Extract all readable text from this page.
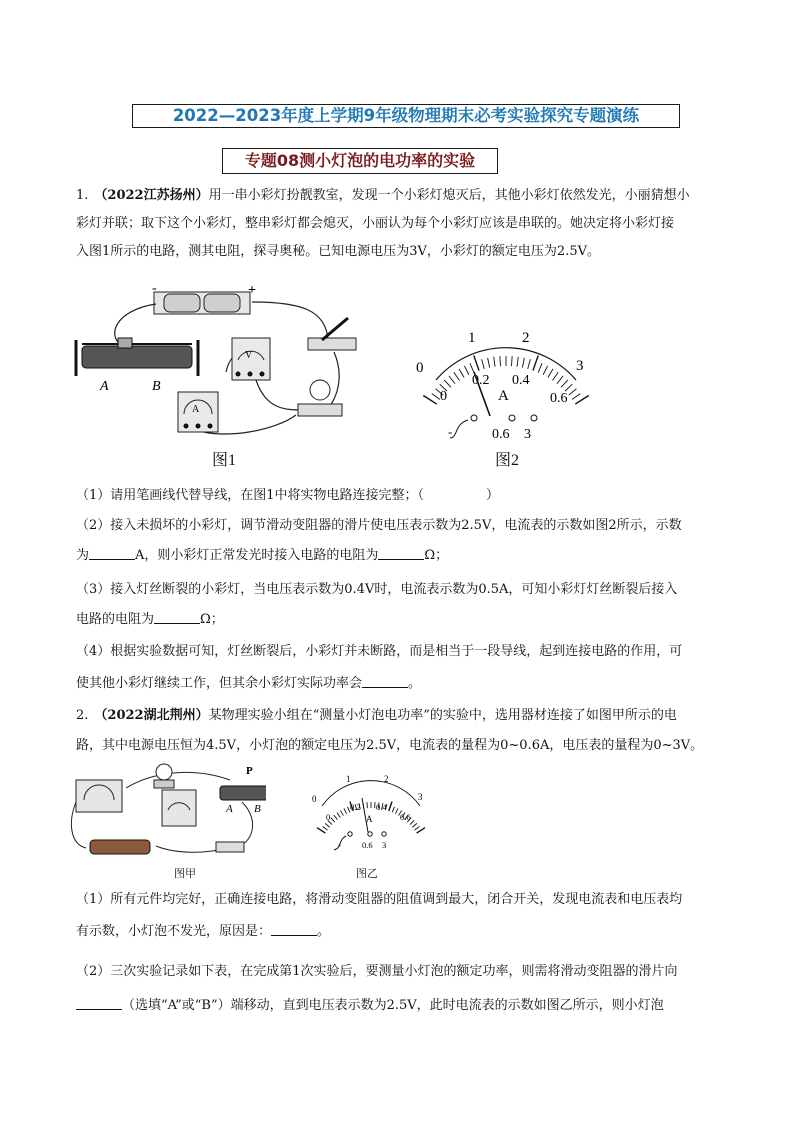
2022—2023年度上学期9年级物理期末必考实验探究专题演练
专题08测小灯泡的电功率的实验
1. （2022江苏扬州）用一串小彩灯扮靓教室，发现一个小彩灯熄灭后，其他小彩灯依然发光，小丽猜想小
彩灯并联；取下这个小彩灯，整串彩灯都会熄灭，小丽认为每个小彩灯应该是串联的。她决定将小彩灯接
入图1所示的电路，测其电阻，探寻奥秘。已知电源电压为3V，小彩灯的额定电压为2.5V。
-	+
A	B
V
A
图1
0
1	2
3
0
0.2 0.4
0.6
A
-	0.6 3
图2
（1）请用笔画线代替导线，在图1中将实物电路连接完整；（	）
（2）接入未损坏的小彩灯，调节滑动变阻器的滑片使电压表示数为2.5V，电流表的示数如图2所示，示数
为	A，则小彩灯正常发光时接入电路的电阻为	Ω；
（3）接入灯丝断裂的小彩灯，当电压表示数为0.4V时，电流表示数为0.5A，可知小彩灯灯丝断裂后接入
电路的电阻为	Ω；
（4）根据实验数据可知，灯丝断裂后，小彩灯并未断路，而是相当于一段导线，起到连接电路的作用，可
使其他小彩灯继续工作，但其余小彩灯实际功率会	。
2. （2022湖北荆州）某物理实验小组在“测量小灯泡电功率”的实验中，选用器材连接了如图甲所示的电
路，其中电源电压恒为4.5V，小灯泡的额定电压为2.5V，电流表的量程为0~0.6A，电压表的量程为0~3V。
P
A B
图甲
0
1	2
3
0
0.2 0.4
0.6
A
- 0.6 3
图乙
（1）所有元件均完好，正确连接电路，将滑动变阻器的阻值调到最大，闭合开关，发现电流表和电压表均
有示数，小灯泡不发光，原因是：	。
（2）三次实验记录如下表，在完成第1次实验后，要测量小灯泡的额定功率，则需将滑动变阻器的滑片向
（选填“A”或“B”）端移动，直到电压表示数为2.5V，此时电流表的示数如图乙所示，则小灯泡
